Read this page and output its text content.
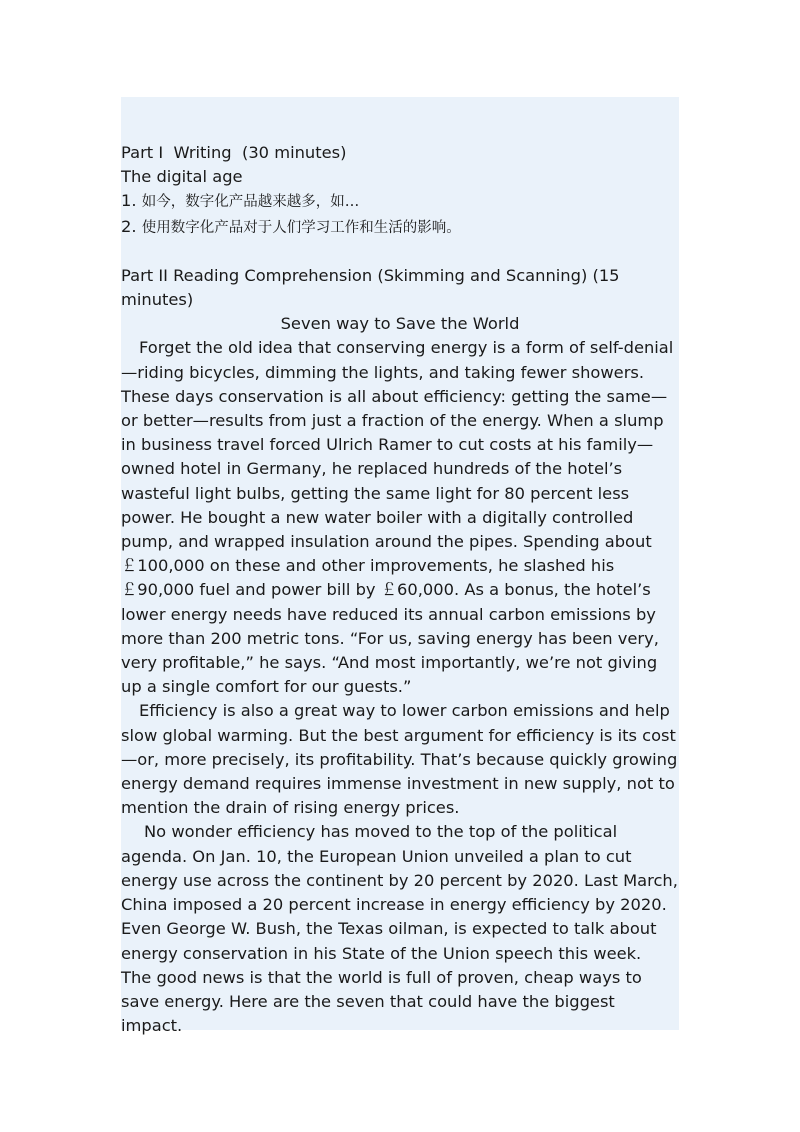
Part I  Writing  (30 minutes)

The digital age

1. 如今，数字化产品越来越多，如…

2. 使用数字化产品对于人们学习工作和生活的影响。

Part II Reading Comprehension (Skimming and Scanning) (15

minutes)

Seven way to Save the World

Forget the old idea that conserving energy is a form of self-denial

—riding bicycles, dimming the lights, and taking fewer showers.

These days conservation is all about efficiency: getting the same—

or better—results from just a fraction of the energy. When a slump

in business travel forced Ulrich Ramer to cut costs at his family—

owned hotel in Germany, he replaced hundreds of the hotel’s

wasteful light bulbs, getting the same light for 80 percent less

power. He bought a new water boiler with a digitally controlled

pump, and wrapped insulation around the pipes. Spending about

￡100,000 on these and other improvements, he slashed his

￡90,000 fuel and power bill by ￡60,000. As a bonus, the hotel’s

lower energy needs have reduced its annual carbon emissions by

more than 200 metric tons. “For us, saving energy has been very,

very profitable,” he says. “And most importantly, we’re not giving

up a single comfort for our guests.”

Efficiency is also a great way to lower carbon emissions and help

slow global warming. But the best argument for efficiency is its cost

—or, more precisely, its profitability. That’s because quickly growing

energy demand requires immense investment in new supply, not to

mention the drain of rising energy prices.

No wonder efficiency has moved to the top of the political

agenda. On Jan. 10, the European Union unveiled a plan to cut

energy use across the continent by 20 percent by 2020. Last March,

China imposed a 20 percent increase in energy efficiency by 2020.

Even George W. Bush, the Texas oilman, is expected to talk about

energy conservation in his State of the Union speech this week.

The good news is that the world is full of proven, cheap ways to

save energy. Here are the seven that could have the biggest

impact.
